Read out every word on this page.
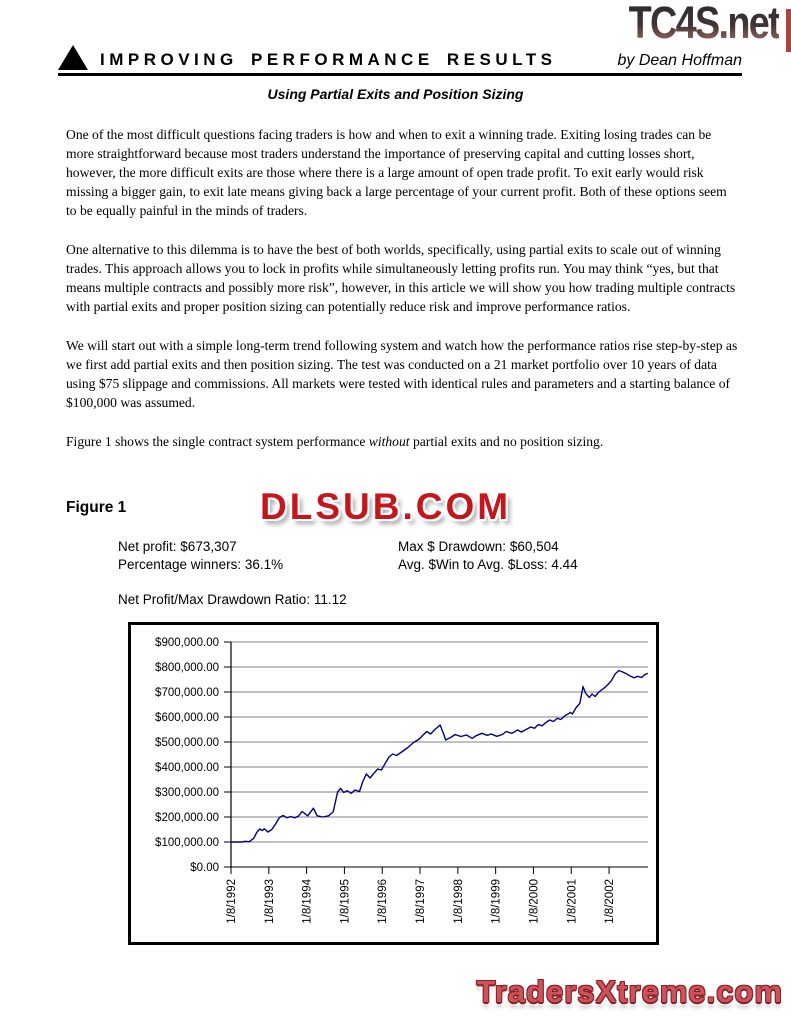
TC4S.net
IMPROVING PERFORMANCE RESULTS	by Dean Hoffman
Using Partial Exits and Position Sizing

One of the most difficult questions facing traders is how and when to exit a winning trade. Exiting losing trades can be more straightforward because most traders understand the importance of preserving capital and cutting losses short, however, the more difficult exits are those where there is a large amount of open trade profit. To exit early would risk missing a bigger gain, to exit late means giving back a large percentage of your current profit. Both of these options seem to be equally painful in the minds of traders.

One alternative to this dilemma is to have the best of both worlds, specifically, using partial exits to scale out of winning trades. This approach allows you to lock in profits while simultaneously letting profits run. You may think “yes, but that means multiple contracts and possibly more risk”, however, in this article we will show you how trading multiple contracts with partial exits and proper position sizing can potentially reduce risk and improve performance ratios.

We will start out with a simple long-term trend following system and watch how the performance ratios rise step-by-step as we first add partial exits and then position sizing. The test was conducted on a 21 market portfolio over 10 years of data using $75 slippage and commissions. All markets were tested with identical rules and parameters and a starting balance of $100,000 was assumed.

Figure 1 shows the single contract system performance without partial exits and no position sizing.

Figure 1	DLSUB.COM
Net profit: $673,307	Max $ Drawdown: $60,504
Percentage winners: 36.1%	Avg. $Win to Avg. $Loss: 4.44
Net Profit/Max Drawdown Ratio: 11.12
$900,000.00
$800,000.00
$700,000.00
$600,000.00
$500,000.00
$400,000.00
$300,000.00
$200,000.00
$100,000.00
$0.00
1/8/1992 1/8/1993 1/8/1994 1/8/1995 1/8/1996 1/8/1997 1/8/1998 1/8/1999 1/8/2000 1/8/2001 1/8/2002
TradersXtreme.com
